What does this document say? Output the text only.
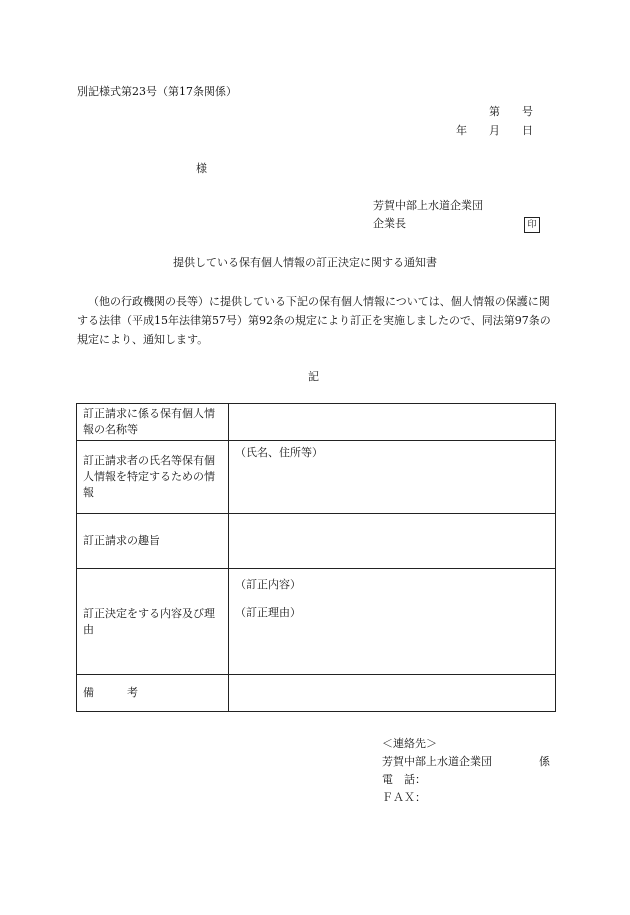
別記様式第23号（第17条関係）
第　　号
年　　月　　日
様
芳賀中部上水道企業団
企業長	印
提供している保有個人情報の訂正決定に関する通知書
（他の行政機関の長等）に提供している下記の保有個人情報については、個人情報の保護に関する法律（平成15年法律第57号）第92条の規定により訂正を実施しましたので、同法第97条の規定により、通知します。
記
訂正請求に係る保有個人情報の名称等	
訂正請求者の氏名等保有個人情報を特定するための情報	（氏名、住所等）
訂正請求の趣旨	
訂正決定をする内容及び理由	（訂正内容）
（訂正理由）

備　　　考	
＜連絡先＞
芳賀中部上水道企業団	係
電　話：
ＦＡＸ：
